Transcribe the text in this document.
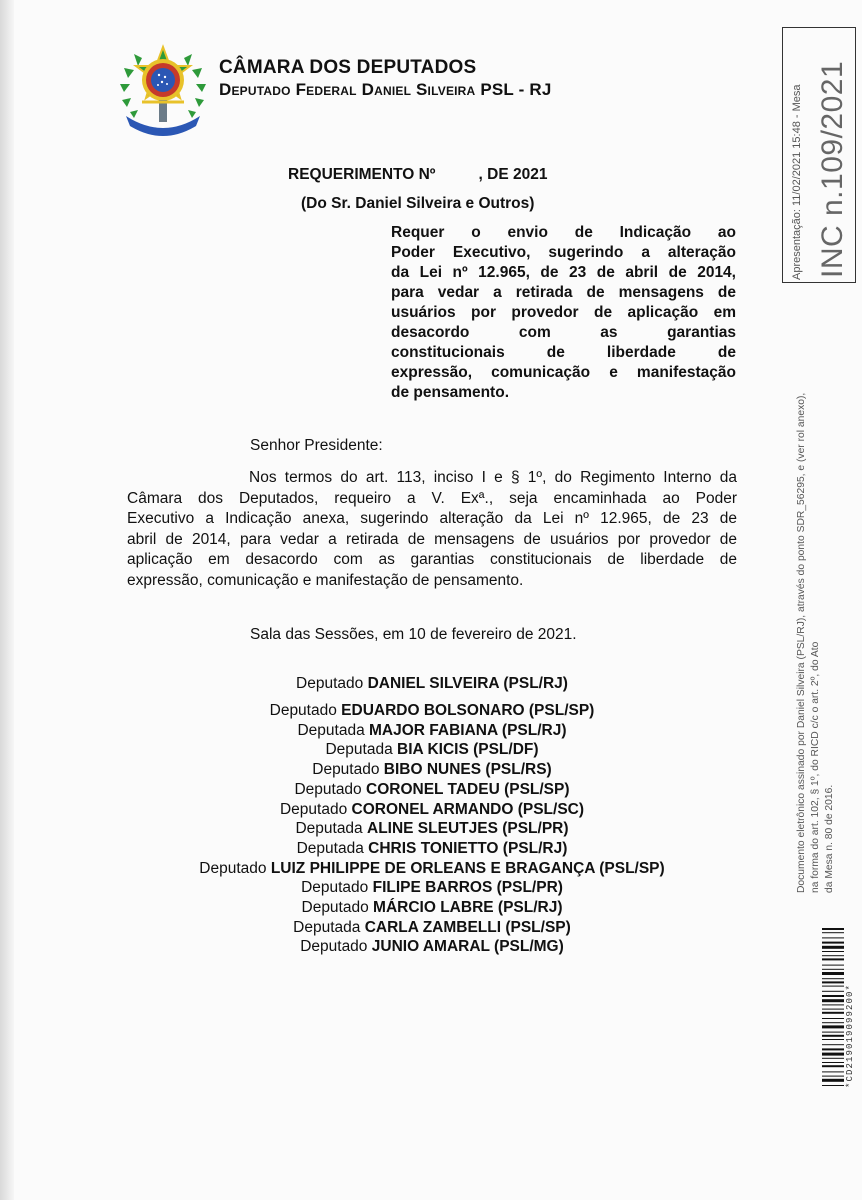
CÂMARA DOS DEPUTADOS
Deputado Federal Daniel Silveira PSL - RJ
REQUERIMENTO Nº          , DE 2021
(Do Sr. Daniel Silveira e Outros)
Requer o envio de Indicação ao
Poder Executivo, sugerindo a alteração
da Lei nº 12.965, de 23 de abril de 2014,
para vedar a retirada de mensagens de
usuários por provedor de aplicação em
desacordo com as garantias
constitucionais de liberdade de
expressão, comunicação e manifestação
de pensamento.
Senhor Presidente:
Nos termos do art. 113, inciso I e § 1º, do Regimento Interno da
Câmara dos Deputados, requeiro a V. Exª., seja encaminhada ao Poder
Executivo a Indicação anexa, sugerindo alteração da Lei nº 12.965, de 23 de
abril de 2014, para vedar a retirada de mensagens de usuários por provedor de
aplicação em desacordo com as garantias constitucionais de liberdade de
expressão, comunicação e manifestação de pensamento.
Sala das Sessões, em 10 de fevereiro de 2021.
Deputado DANIEL SILVEIRA (PSL/RJ)
Deputado EDUARDO BOLSONARO (PSL/SP)
Deputada MAJOR FABIANA (PSL/RJ)
Deputada BIA KICIS (PSL/DF)
Deputado BIBO NUNES (PSL/RS)
Deputado CORONEL TADEU (PSL/SP)
Deputado CORONEL ARMANDO (PSL/SC)
Deputada ALINE SLEUTJES (PSL/PR)
Deputada CHRIS TONIETTO (PSL/RJ)
Deputado LUIZ PHILIPPE DE ORLEANS E BRAGANÇA (PSL/SP)
Deputado FILIPE BARROS (PSL/PR)
Deputado MÁRCIO LABRE (PSL/RJ)
Deputada CARLA ZAMBELLI (PSL/SP)
Deputado JUNIO AMARAL (PSL/MG)
Apresentação: 11/02/2021 15:48 - Mesa INC n.109/2021
Documento eletrônico assinado por Daniel Silveira (PSL/RJ), através do ponto SDR_56295, e (ver rol anexo), na forma do art. 102, § 1º, do RICD c/c o art. 2º, do Ato da Mesa n. 80 de 2016.
*CD219019099200*
